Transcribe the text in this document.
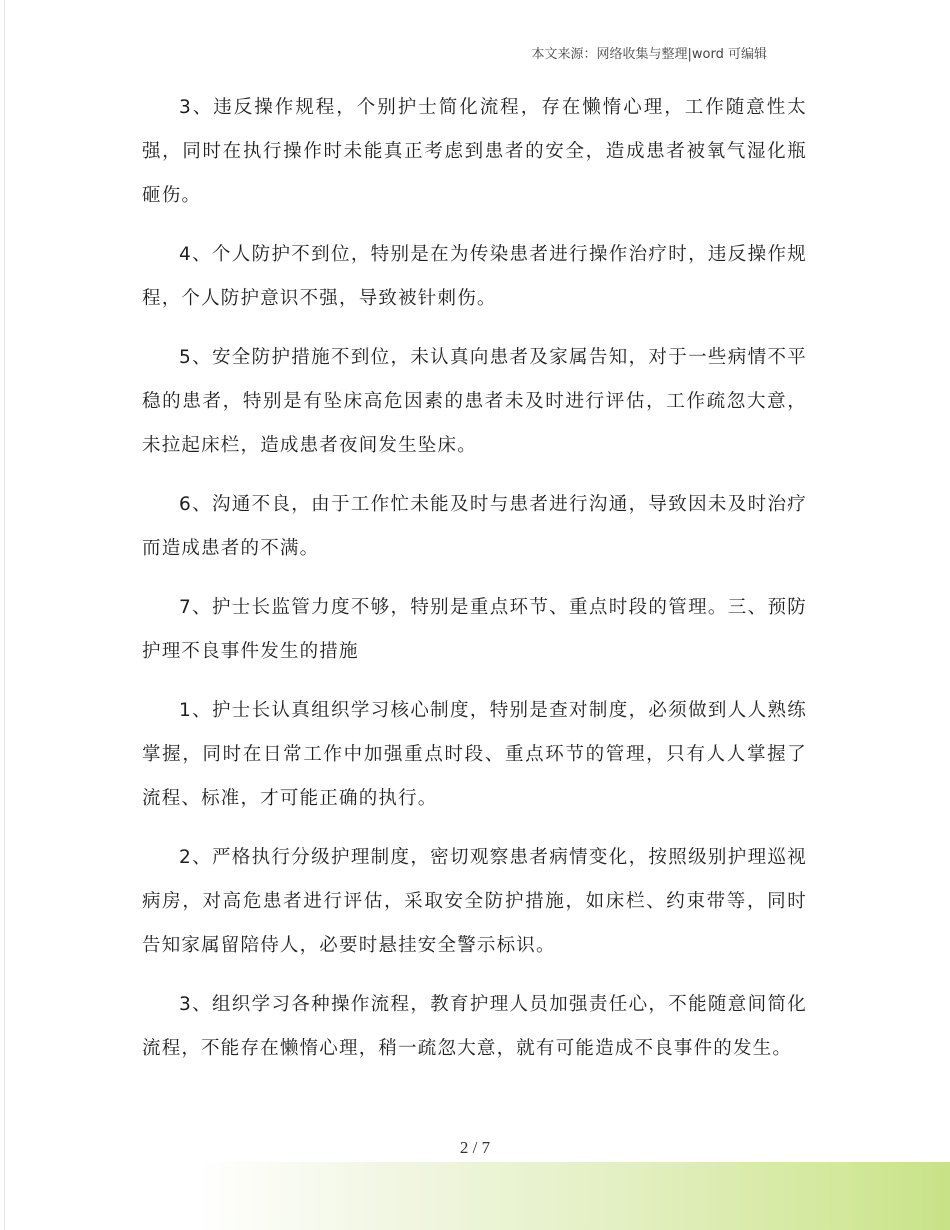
本文来源：网络收集与整理|word 可编辑

3、违反操作规程，个别护士简化流程，存在懒惰心理，工作随意性太强，同时在执行操作时未能真正考虑到患者的安全，造成患者被氧气湿化瓶砸伤。

4、个人防护不到位，特别是在为传染患者进行操作治疗时，违反操作规程，个人防护意识不强，导致被针刺伤。

5、安全防护措施不到位，未认真向患者及家属告知，对于一些病情不平稳的患者，特别是有坠床高危因素的患者未及时进行评估，工作疏忽大意，未拉起床栏，造成患者夜间发生坠床。

6、沟通不良，由于工作忙未能及时与患者进行沟通，导致因未及时治疗而造成患者的不满。

7、护士长监管力度不够，特别是重点环节、重点时段的管理。三、预防护理不良事件发生的措施

1、护士长认真组织学习核心制度，特别是查对制度，必须做到人人熟练掌握，同时在日常工作中加强重点时段、重点环节的管理，只有人人掌握了流程、标准，才可能正确的执行。

2、严格执行分级护理制度，密切观察患者病情变化，按照级别护理巡视病房，对高危患者进行评估，采取安全防护措施，如床栏、约束带等，同时告知家属留陪侍人，必要时悬挂安全警示标识。

3、组织学习各种操作流程，教育护理人员加强责任心，不能随意间简化流程，不能存在懒惰心理，稍一疏忽大意，就有可能造成不良事件的发生。

2 / 7
